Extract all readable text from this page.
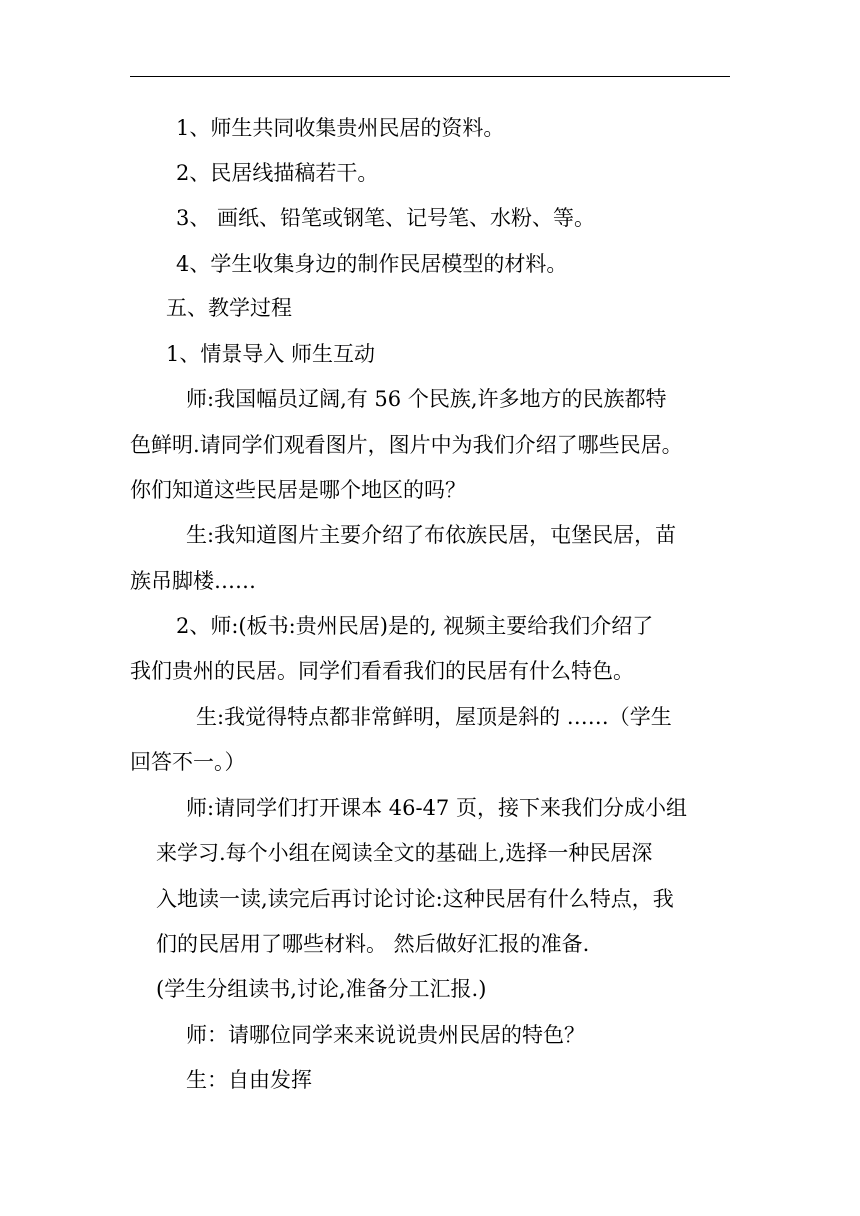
1、师生共同收集贵州民居的资料。
2、民居线描稿若干。
3、 画纸、铅笔或钢笔、记号笔、水粉、等。
4、学生收集身边的制作民居模型的材料。
五、教学过程
1、情景导入 师生互动
师:我国幅员辽阔,有 56 个民族,许多地方的民族都特
色鲜明.请同学们观看图片，图片中为我们介绍了哪些民居。
你们知道这些民居是哪个地区的吗？
生:我知道图片主要介绍了布依族民居，屯堡民居，苗
族吊脚楼……
2、师:(板书:贵州民居)是的, 视频主要给我们介绍了
我们贵州的民居。同学们看看我们的民居有什么特色。
生:我觉得特点都非常鲜明，屋顶是斜的 ……（学生
回答不一。）
师:请同学们打开课本 46-47 页，接下来我们分成小组
来学习.每个小组在阅读全文的基础上,选择一种民居深
入地读一读,读完后再讨论讨论:这种民居有什么特点，我
们的民居用了哪些材料。 然后做好汇报的准备.
(学生分组读书,讨论,准备分工汇报.)
师：请哪位同学来来说说贵州民居的特色？
生：自由发挥
